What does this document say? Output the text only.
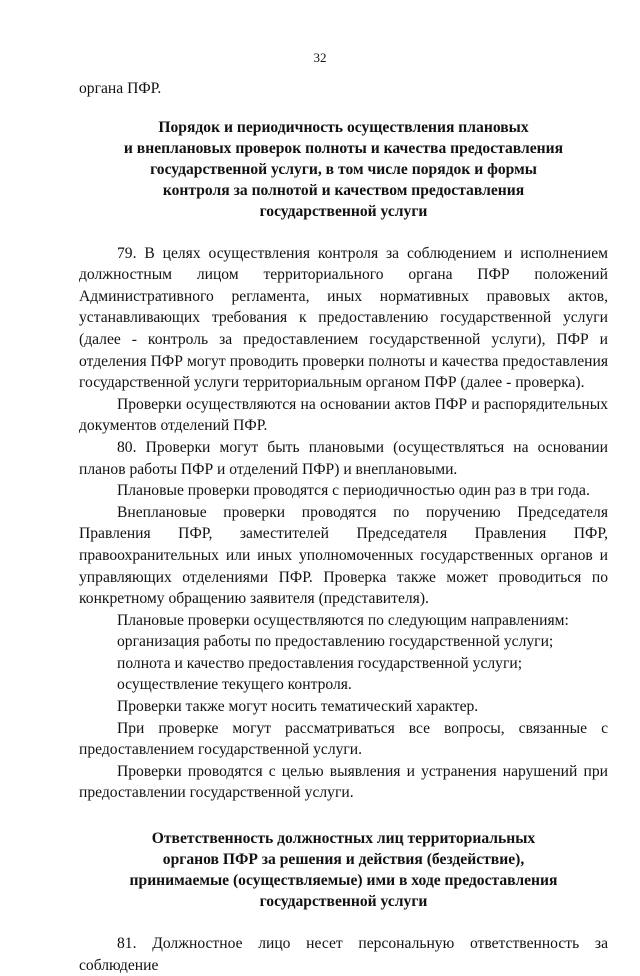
32

органа ПФР.

Порядок и периодичность осуществления плановых
и внеплановых проверок полноты и качества предоставления
государственной услуги, в том числе порядок и формы
контроля за полнотой и качеством предоставления
государственной услуги

79. В целях осуществления контроля за соблюдением и исполнением должностным лицом территориального органа ПФР положений Административного регламента, иных нормативных правовых актов, устанавливающих требования к предоставлению государственной услуги (далее - контроль за предоставлением государственной услуги), ПФР и отделения ПФР могут проводить проверки полноты и качества предоставления государственной услуги территориальным органом ПФР (далее - проверка).

Проверки осуществляются на основании актов ПФР и распорядительных документов отделений ПФР.

80. Проверки могут быть плановыми (осуществляться на основании планов работы ПФР и отделений ПФР) и внеплановыми.

Плановые проверки проводятся с периодичностью один раз в три года.

Внеплановые проверки проводятся по поручению Председателя Правления ПФР, заместителей Председателя Правления ПФР, правоохранительных или иных уполномоченных государственных органов и управляющих отделениями ПФР. Проверка также может проводиться по конкретному обращению заявителя (представителя).

Плановые проверки осуществляются по следующим направлениям:

организация работы по предоставлению государственной услуги;

полнота и качество предоставления государственной услуги;

осуществление текущего контроля.

Проверки также могут носить тематический характер.

При проверке могут рассматриваться все вопросы, связанные с предоставлением государственной услуги.

Проверки проводятся с целью выявления и устранения нарушений при предоставлении государственной услуги.

Ответственность должностных лиц территориальных
органов ПФР за решения и действия (бездействие),
принимаемые (осуществляемые) ими в ходе предоставления
государственной услуги

81. Должностное лицо несет персональную ответственность за соблюдение
